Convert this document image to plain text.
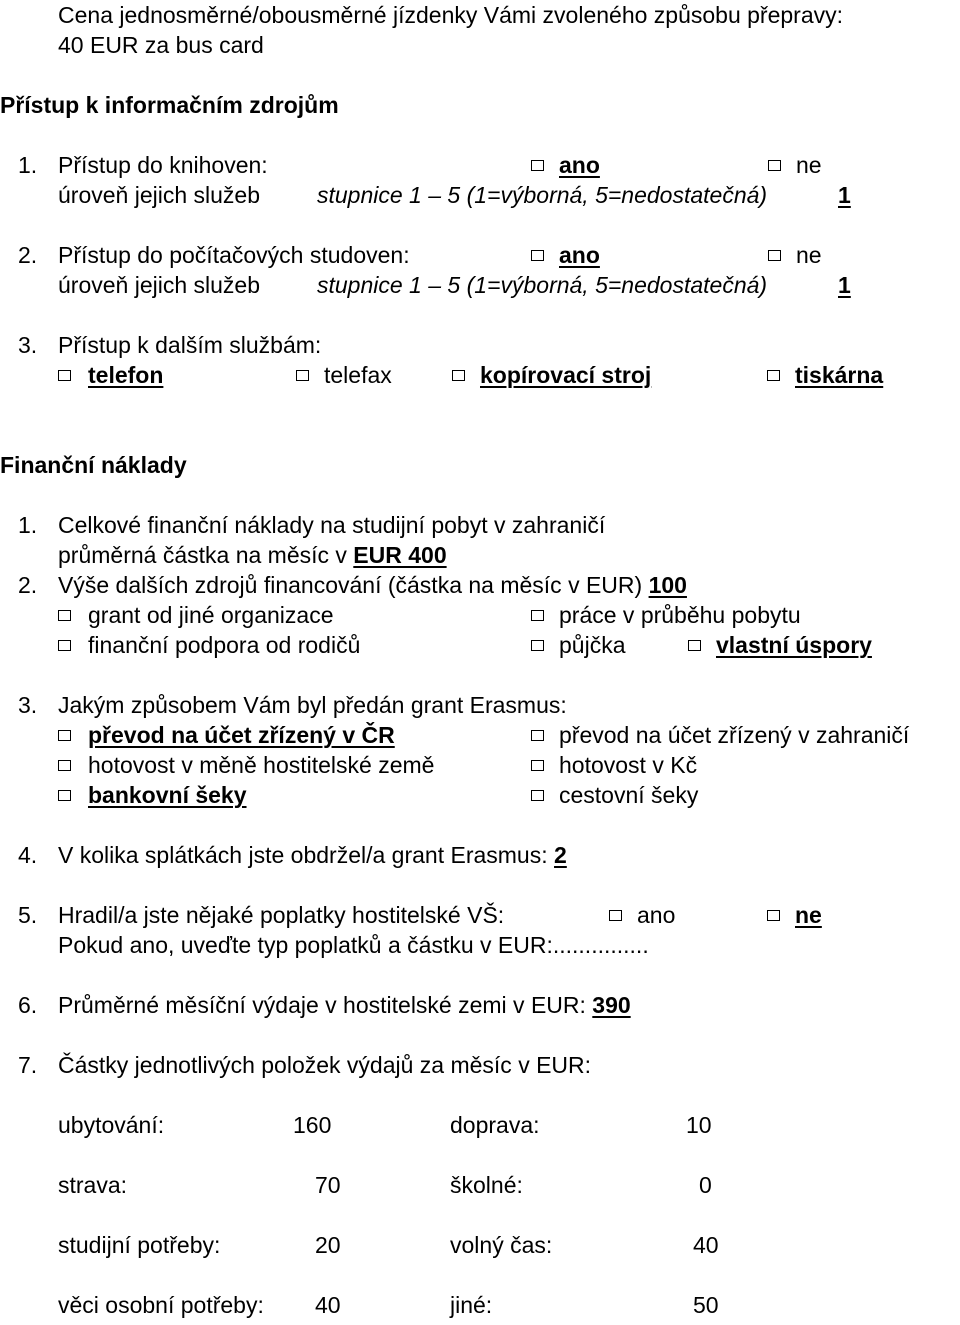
Cena jednosměrné/obousměrné jízdenky Vámi zvoleného způsobu přepravy:
40 EUR za bus card
Přístup k informačním zdrojům
1. Přístup do knihoven:	ano	ne
úroveň jejich služeb stupnice 1 – 5 (1=výborná, 5=nedostatečná)	1
2. Přístup do počítačových studoven:	ano	ne
úroveň jejich služeb stupnice 1 – 5 (1=výborná, 5=nedostatečná)	1
3. Přístup k dalším službám:
telefon	telefax	kopírovací stroj	tiskárna
Finanční náklady
1. Celkové finanční náklady na studijní pobyt v zahraničí
průměrná částka na měsíc v EUR 400
2. Výše dalších zdrojů financování (částka na měsíc v EUR) 100
grant od jiné organizace	práce v průběhu pobytu
finanční podpora od rodičů	půjčka	vlastní úspory
3. Jakým způsobem Vám byl předán grant Erasmus:
převod na účet zřízený v ČR	převod na účet zřízený v zahraničí
hotovost v měně hostitelské země	hotovost v Kč
bankovní šeky	cestovní šeky
4. V kolika splátkách jste obdržel/a grant Erasmus: 2
5. Hradil/a jste nějaké poplatky hostitelské VŠ:	ano	ne
Pokud ano, uveďte typ poplatků a částku v EUR:...............
6. Průměrné měsíční výdaje v hostitelské zemi v EUR: 390
7. Částky jednotlivých položek výdajů za měsíc v EUR:
ubytování:	160	doprava:	10
strava:	70	školné:	0
studijní potřeby:	20	volný čas:	40
věci osobní potřeby: 40	jiné:	50
